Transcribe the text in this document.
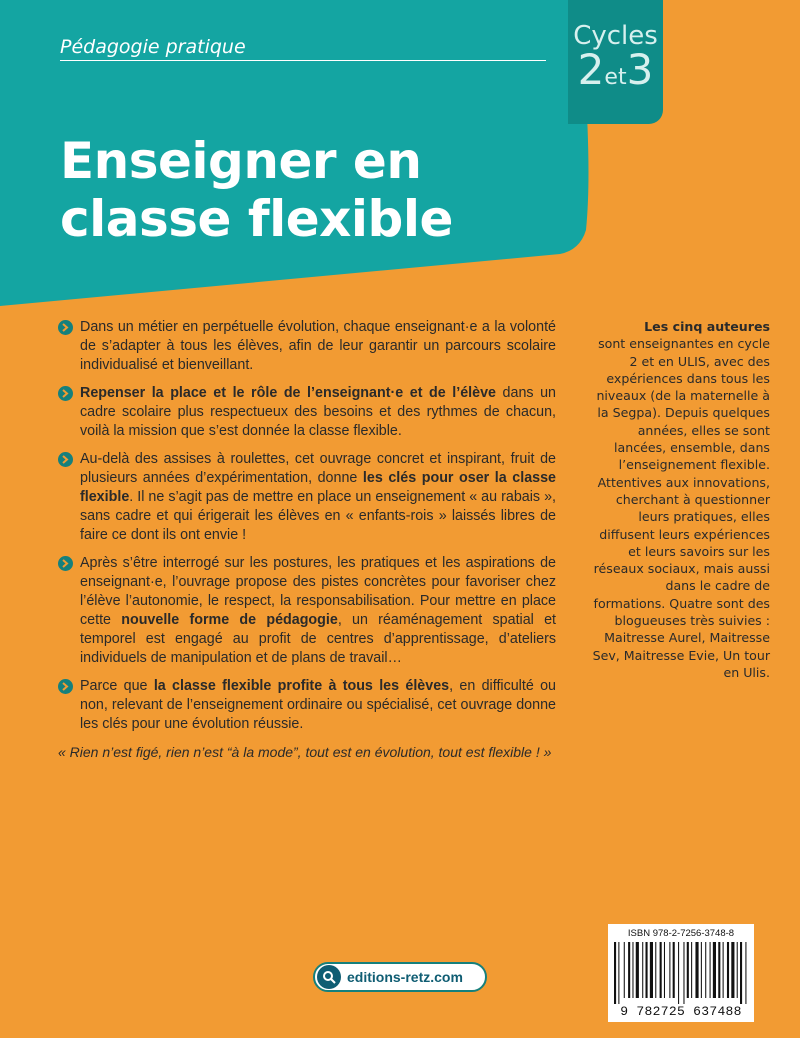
Pédagogie pratique	Cycles
2et3
Enseigner en
classe flexible
Dans un métier en perpétuelle évolution, chaque enseignant·e a la volonté de s’adapter à tous les élèves, afin de leur garantir un parcours scolaire individualisé et bienveillant.
Repenser la place et le rôle de l’enseignant·e et de l’élève dans un cadre scolaire plus respectueux des besoins et des rythmes de chacun, voilà la mission que s’est donnée la classe flexible.
Au-delà des assises à roulettes, cet ouvrage concret et inspirant, fruit de plusieurs années d’expérimentation, donne les clés pour oser la classe flexible. Il ne s’agit pas de mettre en place un enseignement « au rabais », sans cadre et qui érigerait les élèves en « enfants-rois » laissés libres de faire ce dont ils ont envie !
Après s’être interrogé sur les postures, les pratiques et les aspirations de enseignant·e, l’ouvrage propose des pistes concrètes pour favoriser chez l’élève l’autonomie, le respect, la responsabilisation. Pour mettre en place cette nouvelle forme de pédagogie, un réaménagement spatial et temporel est engagé au profit de centres d’apprentissage, d’ateliers individuels de manipulation et de plans de travail…
Parce que la classe flexible profite à tous les élèves, en difficulté ou non, relevant de l’enseignement ordinaire ou spécialisé, cet ouvrage donne les clés pour une évolution réussie.
« Rien n’est figé, rien n’est “à la mode”, tout est en évolution, tout est flexible ! »
Les cinq auteures
sont enseignantes en cycle 2 et en ULIS, avec des expériences dans tous les niveaux (de la maternelle à la Segpa). Depuis quelques années, elles se sont lancées, ensemble, dans l’enseignement flexible. Attentives aux innovations, cherchant à questionner leurs pratiques, elles diffusent leurs expériences et leurs savoirs sur les réseaux sociaux, mais aussi dans le cadre de formations. Quatre sont des blogueuses très suivies : Maitresse Aurel, Maitresse Sev, Maitresse Evie, Un tour en Ulis.
ISBN 978-2-7256-3748-8
9 782725 637488
editions-retz.com
